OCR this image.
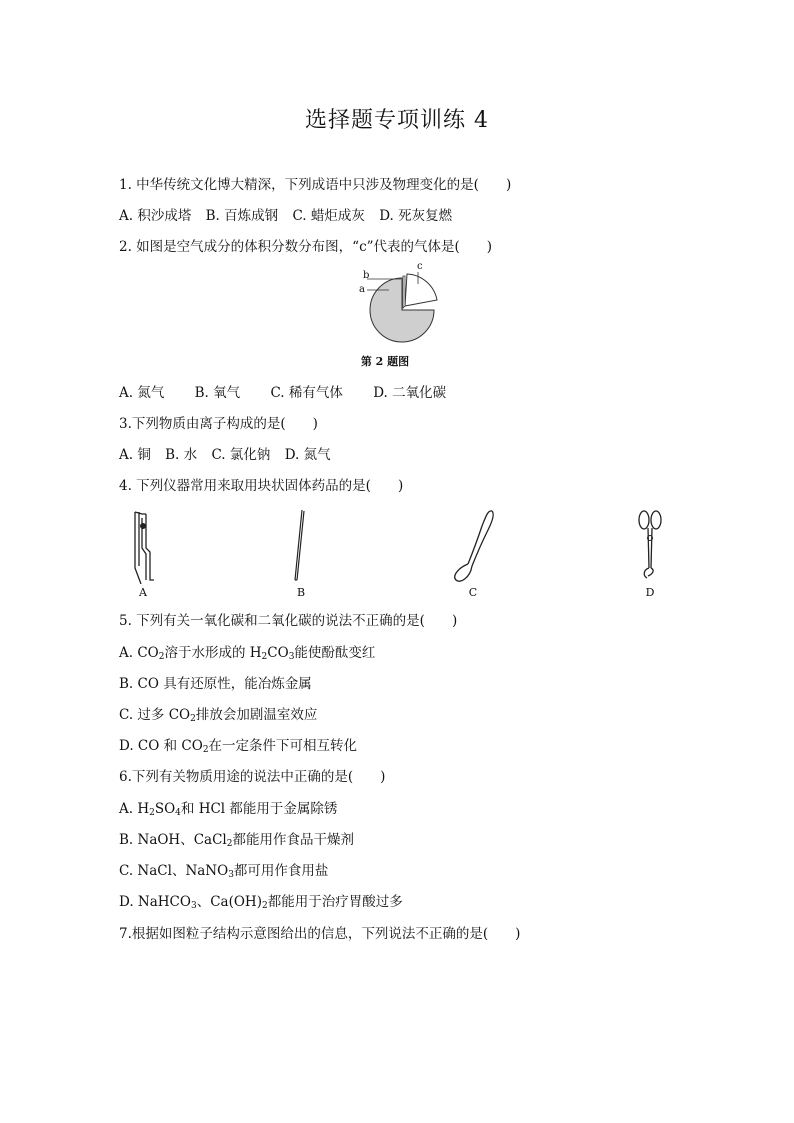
选择题专项训练 4
1. 中华传统文化博大精深，下列成语中只涉及物理变化的是(　　)
A. 积沙成塔 B. 百炼成钢 C. 蜡炬成灰 D. 死灰复燃
2. 如图是空气成分的体积分数分布图，“c”代表的气体是(　　)
a
b
c
第 2 题图
A. 氮气 B. 氧气 C. 稀有气体 D. 二氧化碳
3.下列物质由离子构成的是(　　)
A. 铜 B. 水 C. 氯化钠 D. 氮气
4. 下列仪器常用来取用块状固体药品的是(　　)
A	B	C	D
5. 下列有关一氧化碳和二氧化碳的说法不正确的是(　　)
A. $CO_2$溶于水形成的 $H_2CO_3$能使酚酞变红
B. CO 具有还原性，能冶炼金属
C. 过多 $CO_2$排放会加剧温室效应
D. CO 和 $CO_2$在一定条件下可相互转化
6.下列有关物质用途的说法中正确的是(　　)
A. $H_2SO_4$和 HCl 都能用于金属除锈
B. NaOH、CaCl$_2$都能用作食品干燥剂
C. NaCl、NaNO$_3$都可用作食用盐
D. NaHCO$_3$、$Ca(OH)_2$都能用于治疗胃酸过多
7.根据如图粒子结构示意图给出的信息，下列说法不正确的是(　　)
